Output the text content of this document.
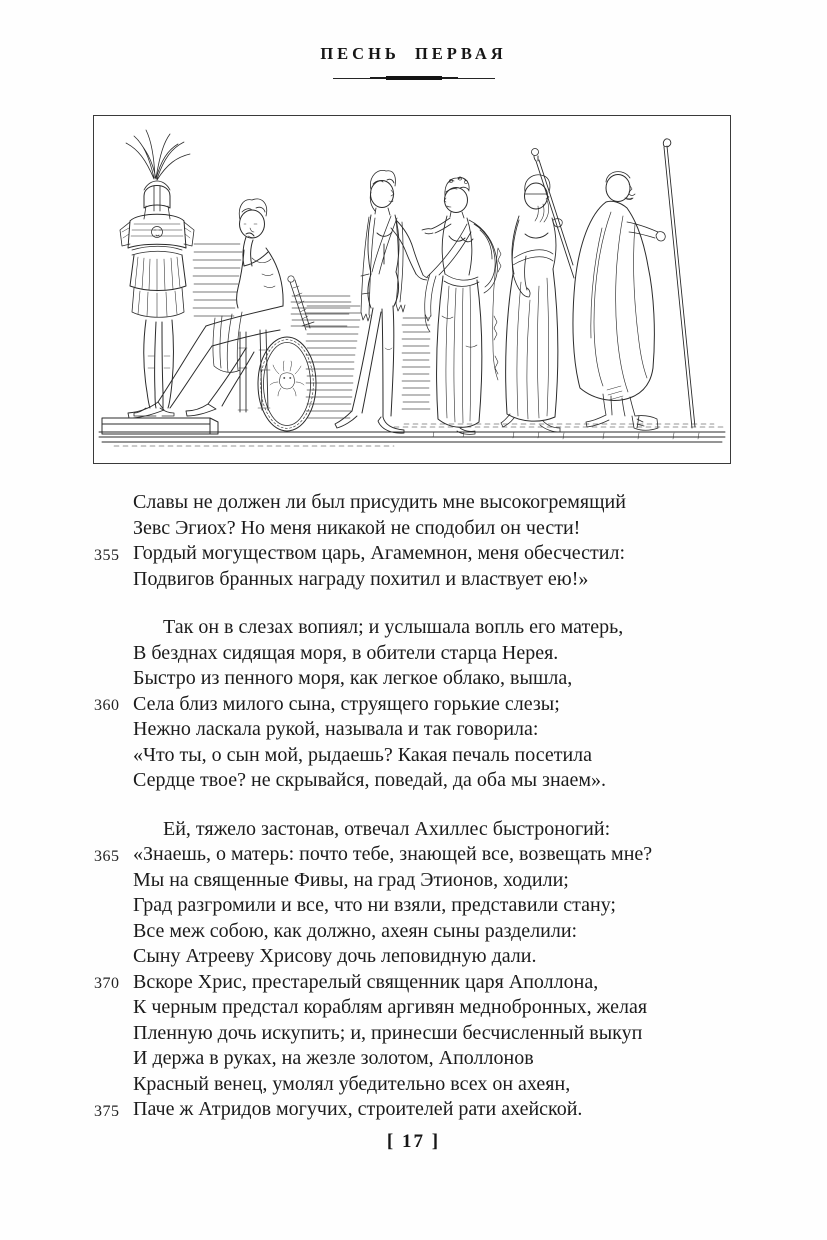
ПЕСНЬ ПЕРВАЯ
Славы не должен ли был присудить мне высокогремящий
Зевс Эгиох? Но меня никакой не сподобил он чести!
355 Гордый могуществом царь, Агамемнон, меня обесчестил:
Подвигов бранных награду похитил и властвует ею!»
Так он в слезах вопиял; и услышала вопль его матерь,
В безднах сидящая моря, в обители старца Нерея.
Быстро из пенного моря, как легкое облако, вышла,
360 Села близ милого сына, струящего горькие слезы;
Нежно ласкала рукой, называла и так говорила:
«Что ты, о сын мой, рыдаешь? Какая печаль посетила
Сердце твое? не скрывайся, поведай, да оба мы знаем».
Ей, тяжело застонав, отвечал Ахиллес быстроногий:
365 «Знаешь, о матерь: почто тебе, знающей все, возвещать мне?
Мы на священные Фивы, на град Этионов, ходили;
Град разгромили и все, что ни взяли, представили стану;
Все меж собою, как должно, ахеян сыны разделили:
Сыну Атрееву Хрисову дочь леповидную дали.
370 Вскоре Хрис, престарелый священник царя Аполлона,
К черным предстал кораблям аргивян меднобронных, желая
Пленную дочь искупить; и, принесши бесчисленный выкуп
И держа в руках, на жезле золотом, Аполлонов
Красный венец, умолял убедительно всех он ахеян,
375 Паче ж Атридов могучих, строителей рати ахейской.
[ 17 ]
